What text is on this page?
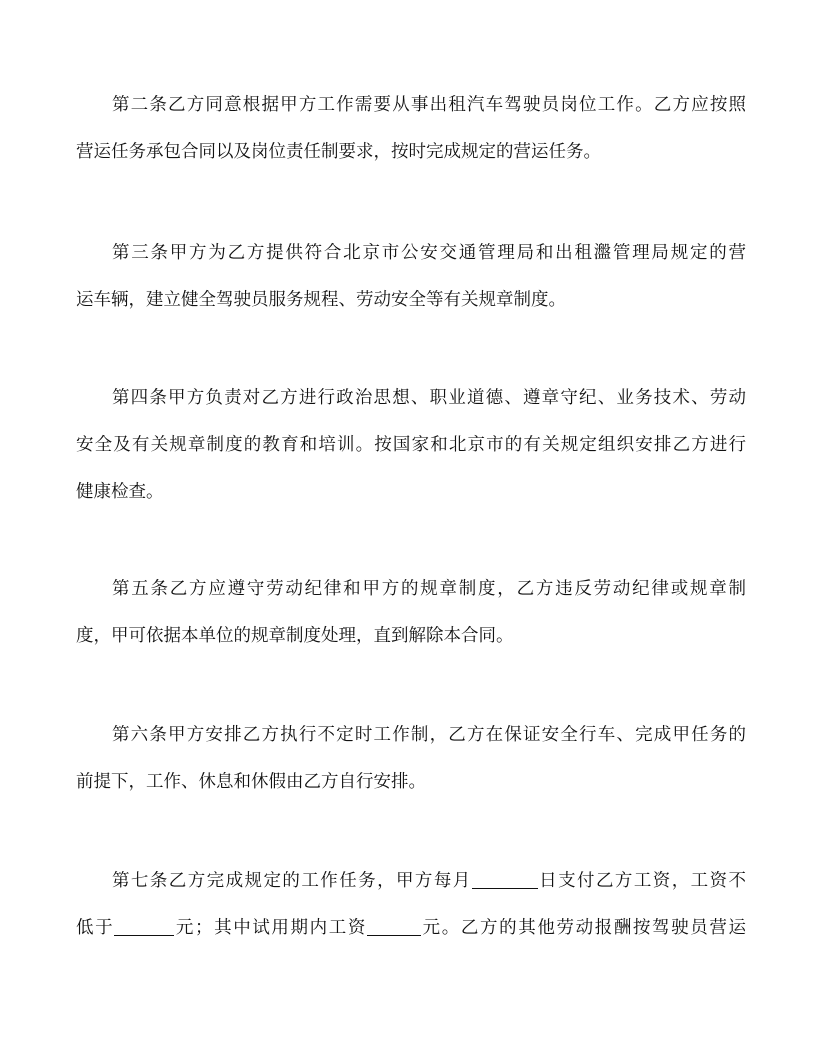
第二条乙方同意根据甲方工作需要从事出租汽车驾驶员岗位工作。乙方应按照
营运任务承包合同以及岗位责任制要求，按时完成规定的营运任务。
第三条甲方为乙方提供符合北京市公安交通管理局和出租瀊管理局规定的营
运车辆，建立健全驾驶员服务规程、劳动安全等有关规章制度。
第四条甲方负责对乙方进行政治思想、职业道德、遵章守纪、业务技术、劳动
安全及有关规章制度的教育和培训。按国家和北京市的有关规定组织安排乙方进行
健康检查。
第五条乙方应遵守劳动纪律和甲方的规章制度，乙方违反劳动纪律或规章制
度，甲可依据本单位的规章制度处理，直到解除本合同。
第六条甲方安排乙方执行不定时工作制，乙方在保证安全行车、完成甲任务的
前提下，工作、休息和休假由乙方自行安排。
第七条乙方完成规定的工作任务，甲方每月	日支付乙方工资，工资不
低于	元；其中试用期内工资	元。乙方的其他劳动报酬按驾驶员营运
